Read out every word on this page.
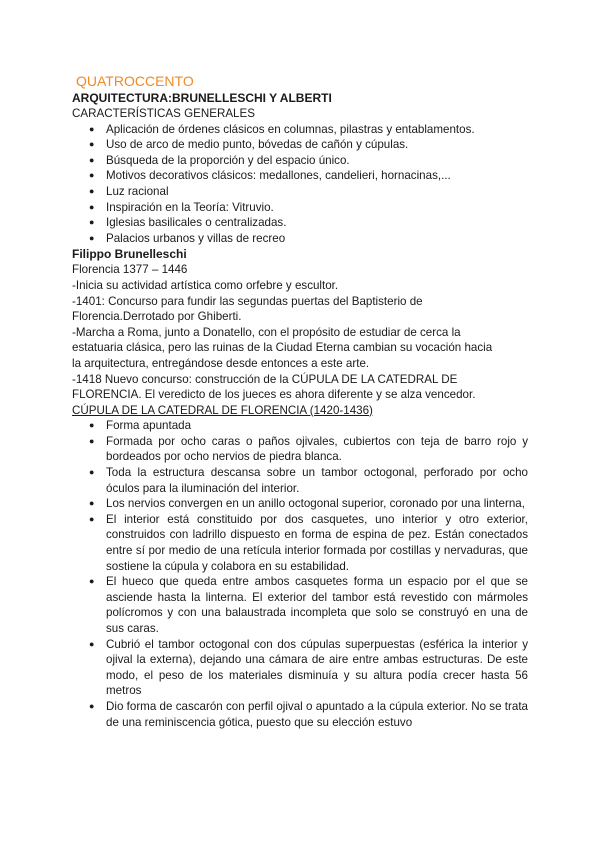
QUATROCCENTO
ARQUITECTURA:BRUNELLESCHI Y ALBERTI
CARACTERÍSTICAS GENERALES
● Aplicación de órdenes clásicos en columnas, pilastras y entablamentos.
● Uso de arco de medio punto, bóvedas de cañón y cúpulas.
● Búsqueda de la proporción y del espacio único.
● Motivos decorativos clásicos: medallones, candelieri, hornacinas,...
● Luz racional
● Inspiración en la Teoría: Vitruvio.
● Iglesias basilicales o centralizadas.
● Palacios urbanos y villas de recreo
Filippo Brunelleschi
Florencia 1377 – 1446
-Inicia su actividad artística como orfebre y escultor.
-1401: Concurso para fundir las segundas puertas del Baptisterio de
Florencia.Derrotado por Ghiberti.
-Marcha a Roma, junto a Donatello, con el propósito de estudiar de cerca la
estatuaria clásica, pero las ruinas de la Ciudad Eterna cambian su vocación hacia
la arquitectura, entregándose desde entonces a este arte.
-1418 Nuevo concurso: construcción de la CÚPULA DE LA CATEDRAL DE
FLORENCIA. El veredicto de los jueces es ahora diferente y se alza vencedor.
CÚPULA DE LA CATEDRAL DE FLORENCIA (1420-1436)
● Forma apuntada
● Formada por ocho caras o paños ojivales, cubiertos con teja de barro rojo y bordeados por ocho nervios de piedra blanca.
● Toda la estructura descansa sobre un tambor octogonal, perforado por ocho óculos para la iluminación del interior.
● Los nervios convergen en un anillo octogonal superior, coronado por una linterna,
● El interior está constituido por dos casquetes, uno interior y otro exterior, construidos con ladrillo dispuesto en forma de espina de pez. Están conectados entre sí por medio de una retícula interior formada por costillas y nervaduras, que sostiene la cúpula y colabora en su estabilidad.
● El hueco que queda entre ambos casquetes forma un espacio por el que se asciende hasta la linterna. El exterior del tambor está revestido con mármoles polícromos y con una balaustrada incompleta que solo se construyó en una de sus caras.
● Cubrió el tambor octogonal con dos cúpulas superpuestas (esférica la interior y ojival la externa), dejando una cámara de aire entre ambas estructuras. De este modo, el peso de los materiales disminuía y su altura podía crecer hasta 56 metros
● Dio forma de cascarón con perfil ojival o apuntado a la cúpula exterior. No se trata de una reminiscencia gótica, puesto que su elección estuvo
